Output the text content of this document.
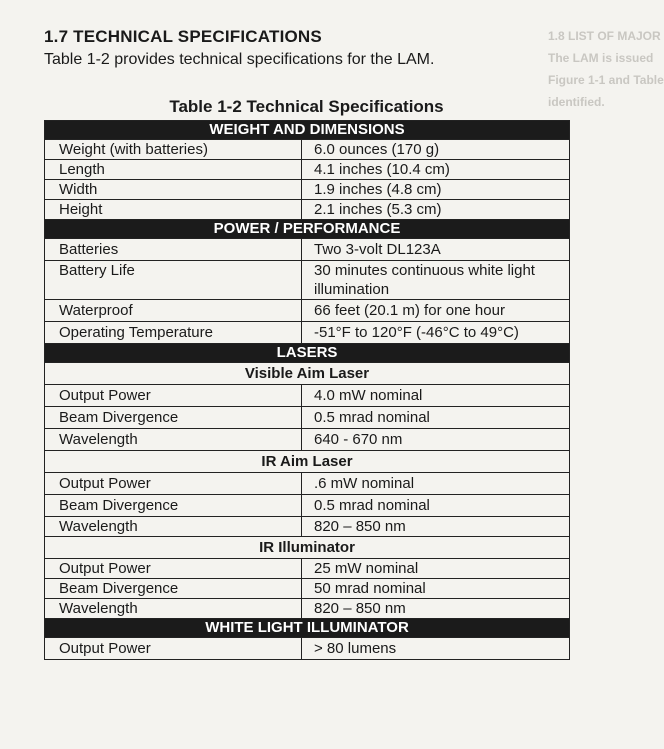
1.8 LIST OF MAJOR
The LAM is issued
Figure 1-1 and Table
identified.
1.7 TECHNICAL SPECIFICATIONS
Table 1-2 provides technical specifications for the LAM.
Table 1-2 Technical Specifications
WEIGHT AND DIMENSIONS	
Weight (with batteries)	6.0 ounces (170 g)
Length	4.1 inches (10.4 cm)
Width	1.9 inches (4.8 cm)
Height	2.1 inches (5.3 cm)
POWER / PERFORMANCE	
Batteries	Two 3-volt DL123A
Battery Life	30 minutes continuous white light illumination
Waterproof	66 feet (20.1 m) for one hour
Operating Temperature	-51°F to 120°F (-46°C to 49°C)
LASERS	
Visible Aim Laser	
Output Power	4.0 mW nominal
Beam Divergence	0.5 mrad nominal
Wavelength	640 - 670 nm
IR Aim Laser	
Output Power	.6 mW nominal
Beam Divergence	0.5 mrad nominal
Wavelength	820 – 850 nm
IR Illuminator	
Output Power	25 mW nominal
Beam Divergence	50 mrad nominal
Wavelength	820 – 850 nm
WHITE LIGHT ILLUMINATOR	
Output Power	> 80 lumens
